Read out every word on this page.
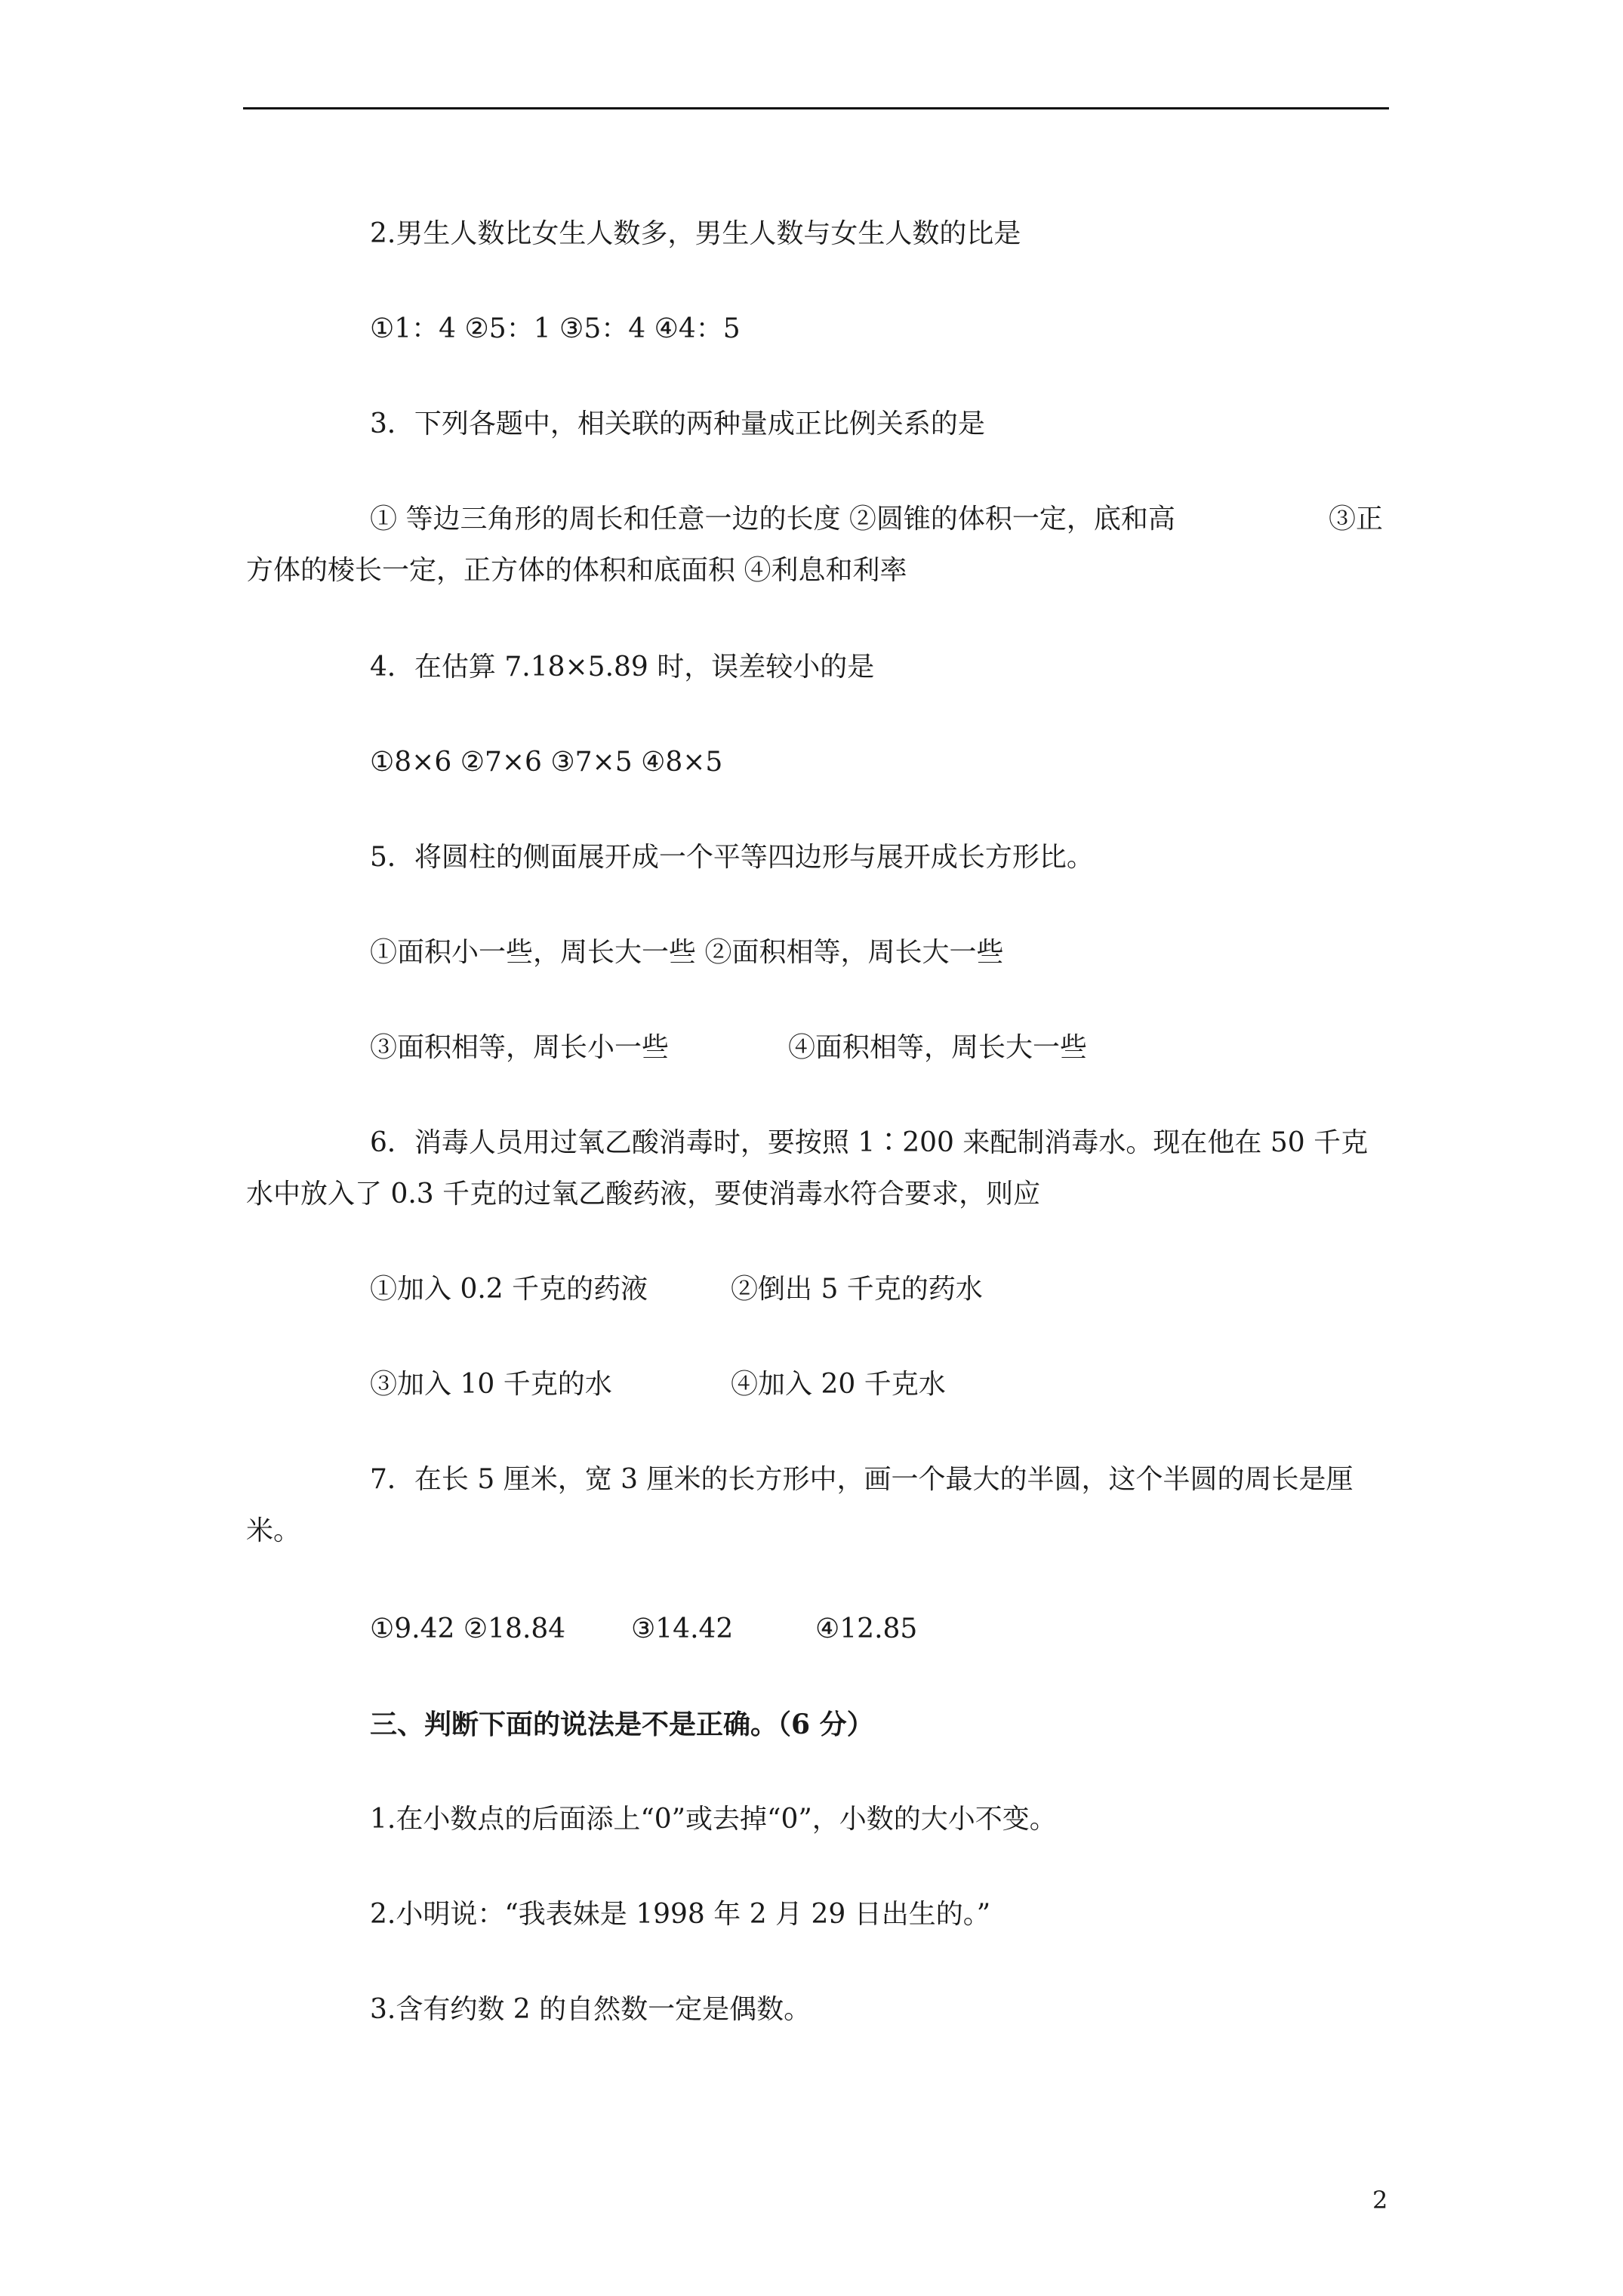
2.男生人数比女生人数多，男生人数与女生人数的比是
①1：4 ②5：1 ③5：4 ④4：5
3．下列各题中，相关联的两种量成正比例关系的是
① 等边三角形的周长和任意一边的长度 ②圆锥的体积一定，底和高	③正
方体的棱长一定，正方体的体积和底面积 ④利息和利率
4．在估算 7.18×5.89 时，误差较小的是
①8×6 ②7×6 ③7×5 ④8×5
5．将圆柱的侧面展开成一个平等四边形与展开成长方形比。
①面积小一些，周长大一些 ②面积相等，周长大一些
③面积相等，周长小一些	④面积相等，周长大一些
6．消毒人员用过氧乙酸消毒时，要按照 1∶200 来配制消毒水。现在他在 50 千克
水中放入了 0.3 千克的过氧乙酸药液，要使消毒水符合要求，则应
①加入 0.2 千克的药液	②倒出 5 千克的药水
③加入 10 千克的水	④加入 20 千克水
7．在长 5 厘米，宽 3 厘米的长方形中，画一个最大的半圆，这个半圆的周长是厘
米。
①9.42 ②18.84 ③14.42	④12.85
三、判断下面的说法是不是正确。（6 分）
1.在小数点的后面添上“0”或去掉“0”，小数的大小不变。
2.小明说：“我表妹是 1998 年 2 月 29 日出生的。”
3.含有约数 2 的自然数一定是偶数。
2
